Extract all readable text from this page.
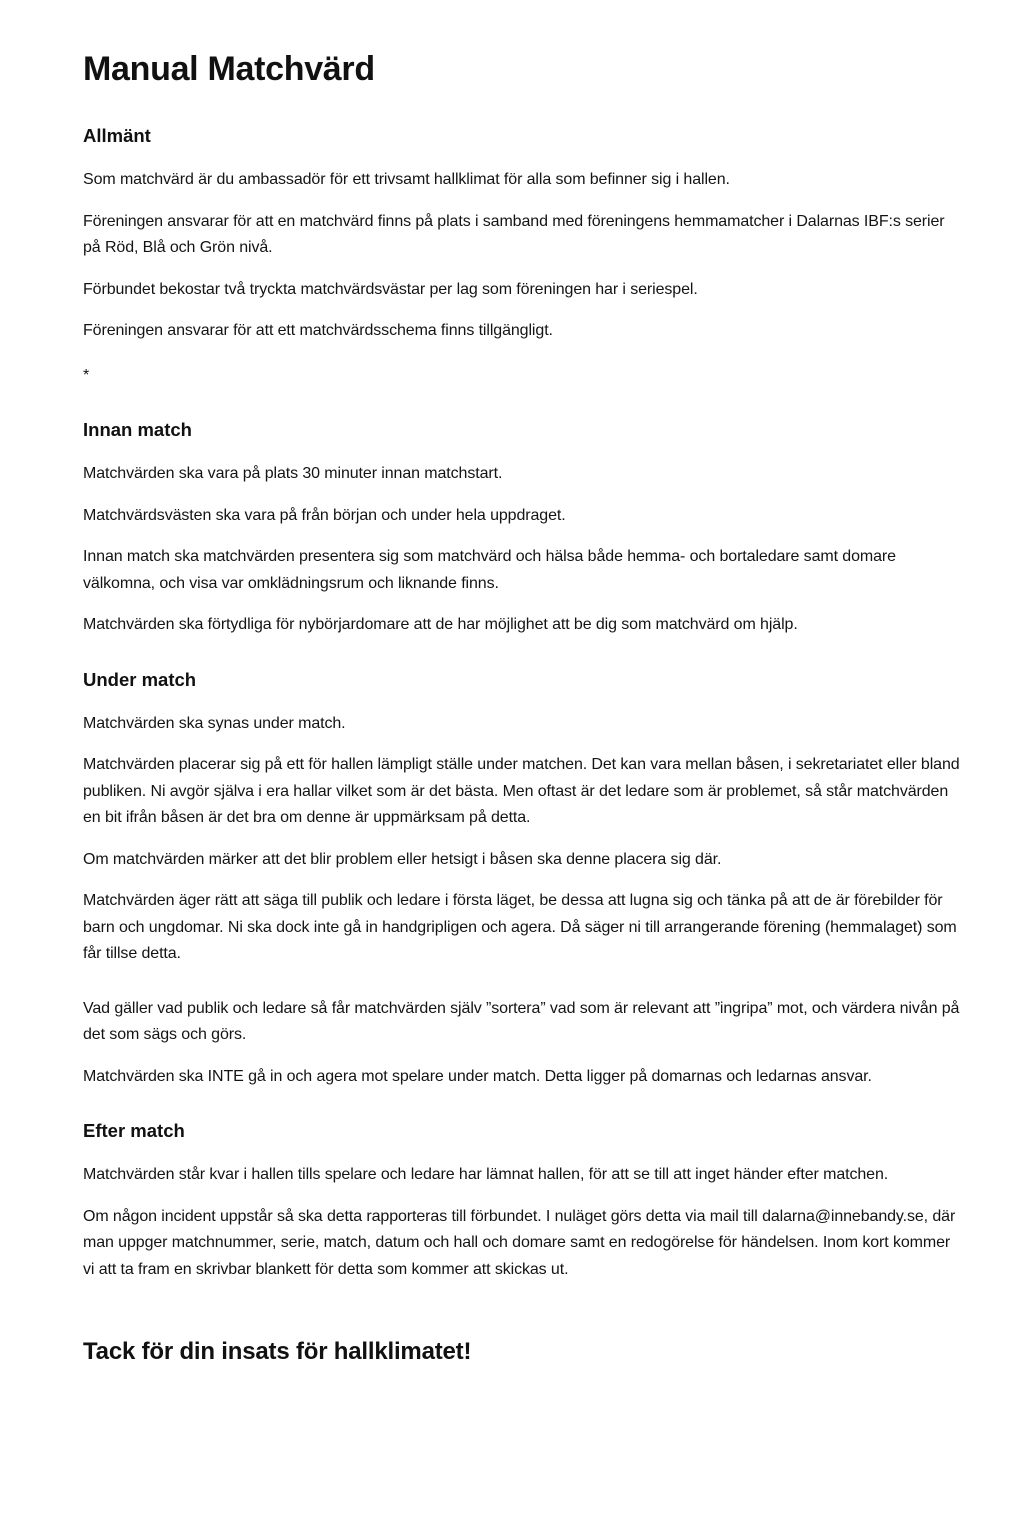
Manual Matchvärd
Allmänt

Som matchvärd är du ambassadör för ett trivsamt hallklimat för alla som befinner sig i hallen.

Föreningen ansvarar för att en matchvärd finns på plats i samband med föreningens hemmamatcher i Dalarnas IBF:s serier på Röd, Blå och Grön nivå.

Förbundet bekostar två tryckta matchvärdsvästar per lag som föreningen har i seriespel.

Föreningen ansvarar för att ett matchvärdsschema finns tillgängligt.

*

Innan match

Matchvärden ska vara på plats 30 minuter innan matchstart.

Matchvärdsvästen ska vara på från början och under hela uppdraget.

Innan match ska matchvärden presentera sig som matchvärd och hälsa både hemma- och bortaledare samt domare välkomna, och visa var omklädningsrum och liknande finns.

Matchvärden ska förtydliga för nybörjardomare att de har möjlighet att be dig som matchvärd om hjälp.

Under match

Matchvärden ska synas under match.

Matchvärden placerar sig på ett för hallen lämpligt ställe under matchen. Det kan vara mellan båsen, i sekretariatet eller bland publiken. Ni avgör själva i era hallar vilket som är det bästa. Men oftast är det ledare som är problemet, så står matchvärden en bit ifrån båsen är det bra om denne är uppmärksam på detta.

Om matchvärden märker att det blir problem eller hetsigt i båsen ska denne placera sig där.

Matchvärden äger rätt att säga till publik och ledare i första läget, be dessa att lugna sig och tänka på att de är förebilder för barn och ungdomar. Ni ska dock inte gå in handgripligen och agera. Då säger ni till arrangerande förening (hemmalaget) som får tillse detta.

Vad gäller vad publik och ledare så får matchvärden själv ”sortera” vad som är relevant att ”ingripa” mot, och värdera nivån på det som sägs och görs.

Matchvärden ska INTE gå in och agera mot spelare under match. Detta ligger på domarnas och ledarnas ansvar.

Efter match

Matchvärden står kvar i hallen tills spelare och ledare har lämnat hallen, för att se till att inget händer efter matchen.

Om någon incident uppstår så ska detta rapporteras till förbundet. I nuläget görs detta via mail till dalarna@innebandy.se, där man uppger matchnummer, serie, match, datum och hall och domare samt en redogörelse för händelsen. Inom kort kommer vi att ta fram en skrivbar blankett för detta som kommer att skickas ut.

Tack för din insats för hallklimatet!
